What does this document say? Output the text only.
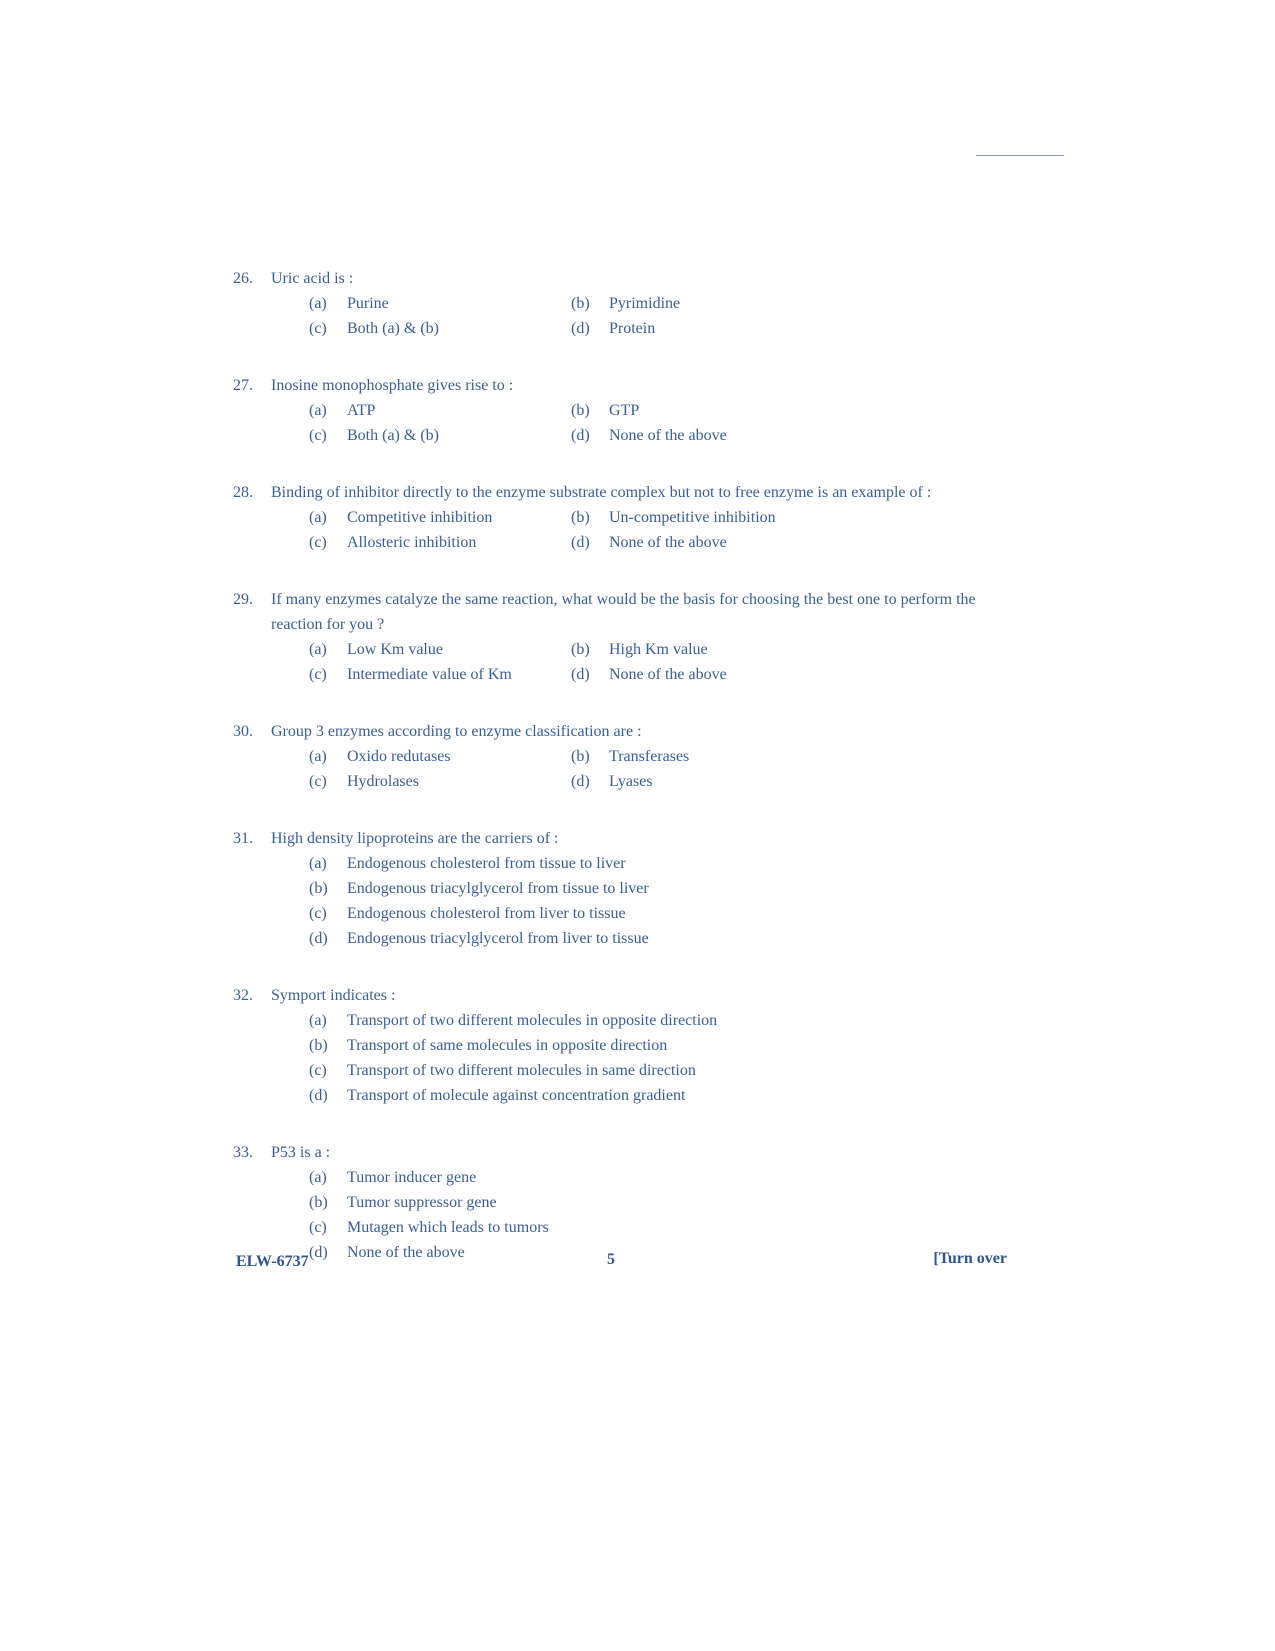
26.	Uric acid is :
(a)	Purine	(b)	Pyrimidine
(c)	Both (a) & (b)	(d)	Protein
27.	Inosine monophosphate gives rise to :
(a)	ATP	(b)	GTP
(c)	Both (a) & (b)	(d)	None of the above
28.	Binding of inhibitor directly to the enzyme substrate complex but not to free enzyme is an example of :
(a)	Competitive inhibition	(b)	Un-competitive inhibition
(c)	Allosteric inhibition	(d)	None of the above
29.	If many enzymes catalyze the same reaction, what would be the basis for choosing the best one to perform the reaction for you ?
(a)	Low Km value	(b)	High Km value
(c)	Intermediate value of Km	(d)	None of the above
30.	Group 3 enzymes according to enzyme classification are :
(a)	Oxido redutases	(b)	Transferases
(c)	Hydrolases	(d)	Lyases
31.	High density lipoproteins are the carriers of :
(a)	Endogenous cholesterol from tissue to liver
(b)	Endogenous triacylglycerol from tissue to liver
(c)	Endogenous cholesterol from liver to tissue
(d)	Endogenous triacylglycerol from liver to tissue
32.	Symport indicates :
(a)	Transport of two different molecules in opposite direction
(b)	Transport of same molecules in opposite direction
(c)	Transport of two different molecules in same direction
(d)	Transport of molecule against concentration gradient
33.	P53 is a :
(a)	Tumor inducer gene
(b)	Tumor suppressor gene
(c)	Mutagen which leads to tumors
(d)	None of the above
ELW-6737	5	[Turn over
